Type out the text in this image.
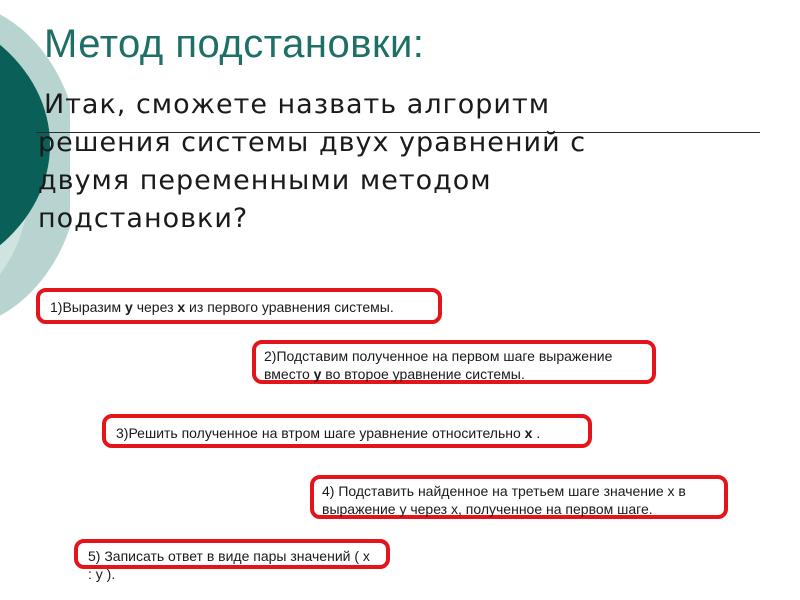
Метод подстановки:

Итак, сможете назвать алгоритм
решения системы двух уравнений с
двумя переменными методом
подстановки?

1)Выразим y через x из первого уравнения системы.
2)Подставим полученное на первом шаге выражение вместо y во второе уравнение системы.
3)Решить полученное на втром шаге уравнение относительно x .
4) Подставить найденное на третьем шаге значение х в
выражение у через х, полученное на первом шаге.
5) Записать ответ в виде пары значений ( х : у ).
